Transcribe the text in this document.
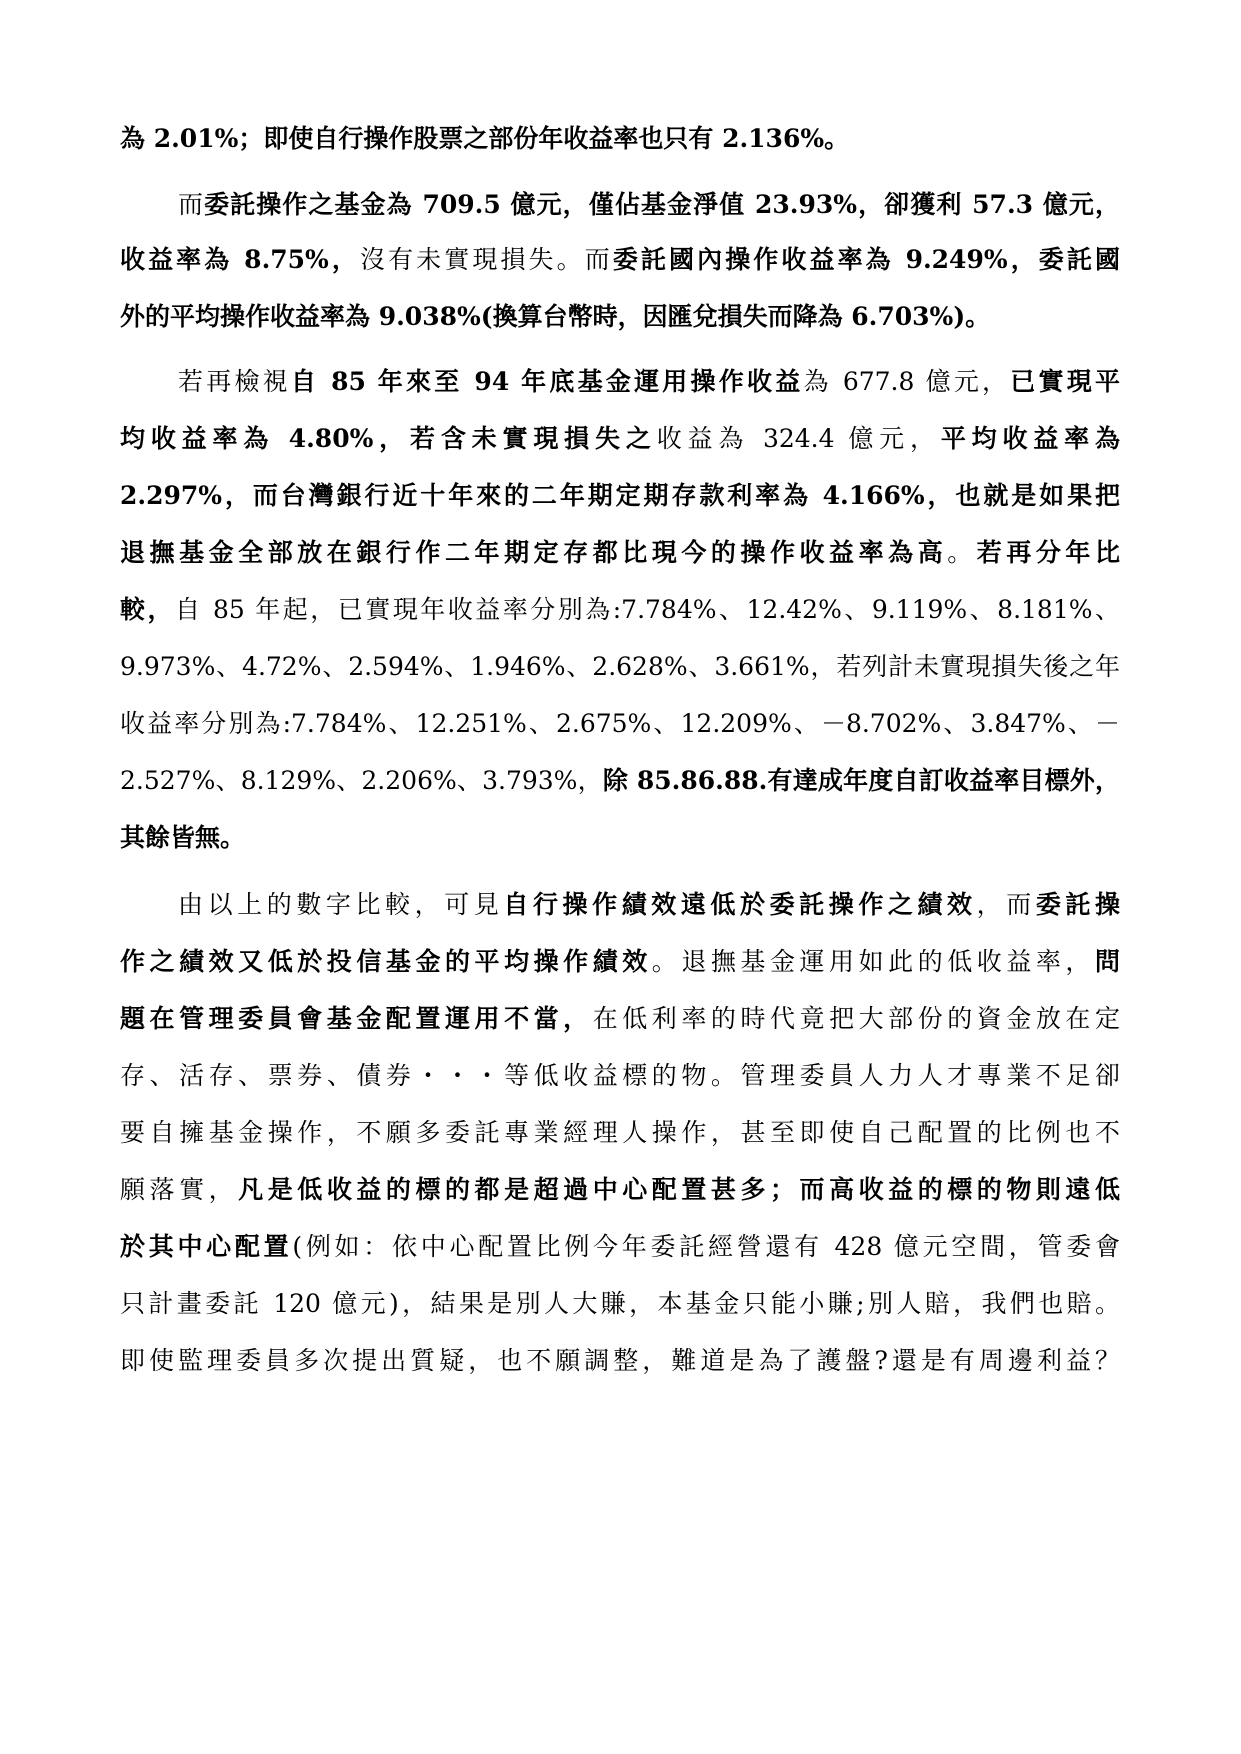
為 2.01%；即使自行操作股票之部份年收益率也只有 2.136%。
而委託操作之基金為 709.5 億元，僅佔基金淨值 23.93%，卻獲利 57.3 億元，
收益率為 8.75%，沒有未實現損失。而委託國內操作收益率為 9.249%，委託國
外的平均操作收益率為 9.038%(換算台幣時，因匯兌損失而降為 6.703%)。
若再檢視自 85 年來至 94 年底基金運用操作收益為 677.8 億元，已實現平
均收益率為 4.80%，若含未實現損失之收益為 324.4 億元，平均收益率為
2.297%，而台灣銀行近十年來的二年期定期存款利率為 4.166%，也就是如果把
退撫基金全部放在銀行作二年期定存都比現今的操作收益率為高。若再分年比
較，自 85 年起，已實現年收益率分別為:7.784%、12.42%、9.119%、8.181%、
9.973%、4.72%、2.594%、1.946%、2.628%、3.661%，若列計未實現損失後之年
收益率分別為:7.784%、12.251%、2.675%、12.209%、－8.702%、3.847%、－
2.527%、8.129%、2.206%、3.793%，除 85.86.88.有達成年度自訂收益率目標外，
其餘皆無。
由以上的數字比較，可見自行操作績效遠低於委託操作之績效，而委託操
作之績效又低於投信基金的平均操作績效。退撫基金運用如此的低收益率，問
題在管理委員會基金配置運用不當，在低利率的時代竟把大部份的資金放在定
存、活存、票券、債券・・・等低收益標的物。管理委員人力人才專業不足卻
要自擁基金操作，不願多委託專業經理人操作，甚至即使自己配置的比例也不
願落實，凡是低收益的標的都是超過中心配置甚多；而高收益的標的物則遠低
於其中心配置(例如：依中心配置比例今年委託經營還有 428 億元空間，管委會
只計畫委託 120 億元)，結果是別人大賺，本基金只能小賺;別人賠，我們也賠。
即使監理委員多次提出質疑，也不願調整，難道是為了護盤?還是有周邊利益？
